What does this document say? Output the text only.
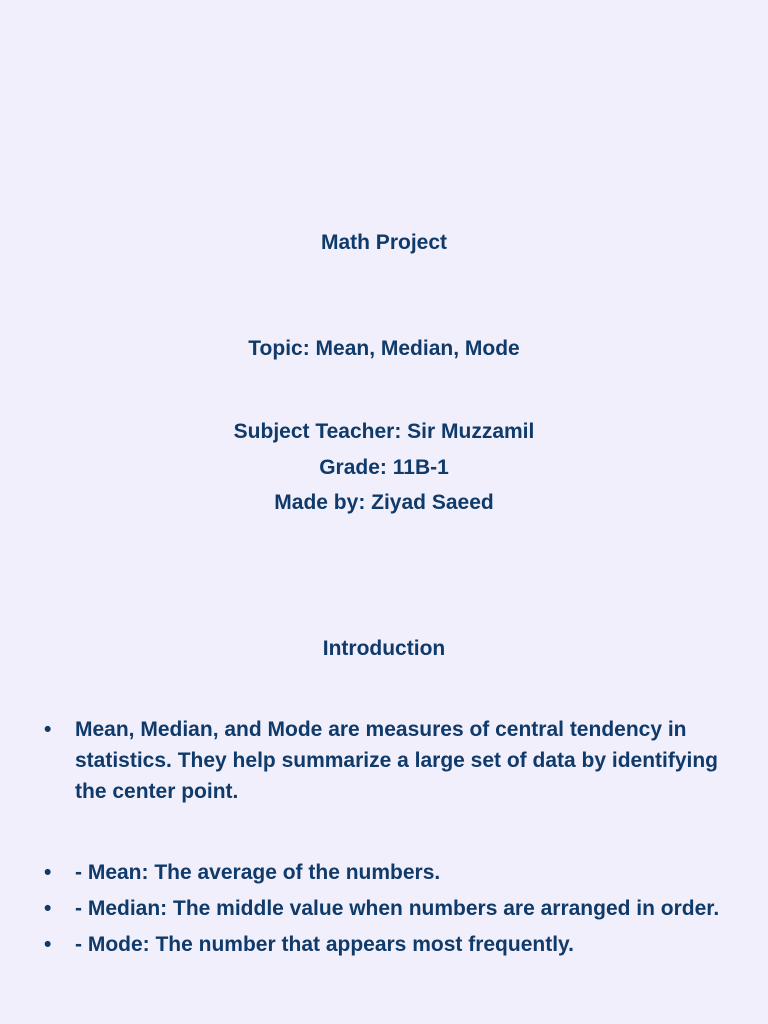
Math Project

Topic: Mean, Median, Mode

Subject Teacher: Sir Muzzamil
Grade: 11B-1
Made by: Ziyad Saeed
Introduction
•	Mean, Median, and Mode are measures of central tendency in statistics. They help summarize a large set of data by identifying the center point.
•	- Mean: The average of the numbers.
•	- Median: The middle value when numbers are arranged in order.
•	- Mode: The number that appears most frequently.
